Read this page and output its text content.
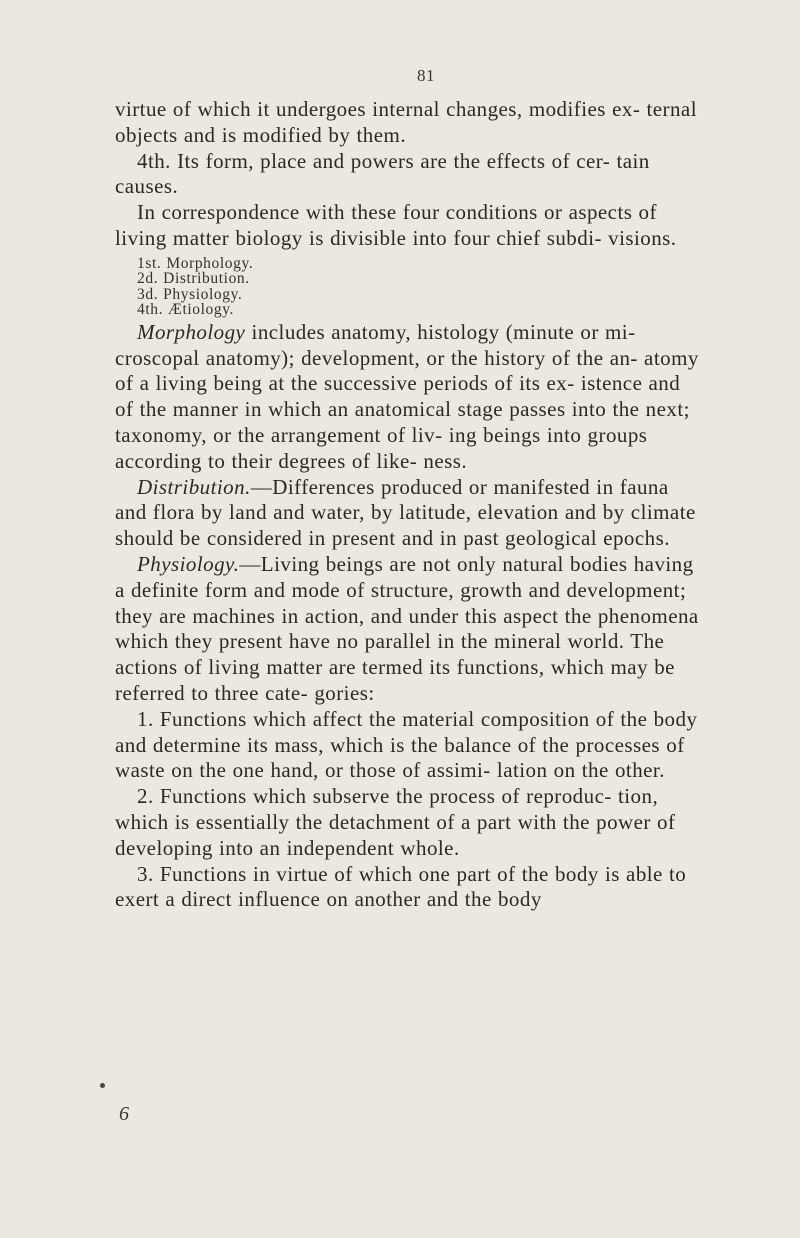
81

virtue of which it undergoes internal changes, modifies ex- ternal objects and is modified by them.

4th. Its form, place and powers are the effects of cer- tain causes.

In correspondence with these four conditions or aspects of living matter biology is divisible into four chief subdi- visions.

1st. Morphology.
2d. Distribution.
3d. Physiology.
4th. Ætiology.

Morphology includes anatomy, histology (minute or mi- croscopal anatomy); development, or the history of the an- atomy of a living being at the successive periods of its ex- istence and of the manner in which an anatomical stage passes into the next; taxonomy, or the arrangement of liv- ing beings into groups according to their degrees of like- ness.

Distribution.—Differences produced or manifested in fauna and flora by land and water, by latitude, elevation and by climate should be considered in present and in past geological epochs.

Physiology.—Living beings are not only natural bodies having a definite form and mode of structure, growth and development; they are machines in action, and under this aspect the phenomena which they present have no parallel in the mineral world. The actions of living matter are termed its functions, which may be referred to three cate- gories:

1. Functions which affect the material composition of the body and determine its mass, which is the balance of the processes of waste on the one hand, or those of assimi- lation on the other.

2. Functions which subserve the process of reproduc- tion, which is essentially the detachment of a part with the power of developing into an independent whole.

3. Functions in virtue of which one part of the body is able to exert a direct influence on another and the body

6
